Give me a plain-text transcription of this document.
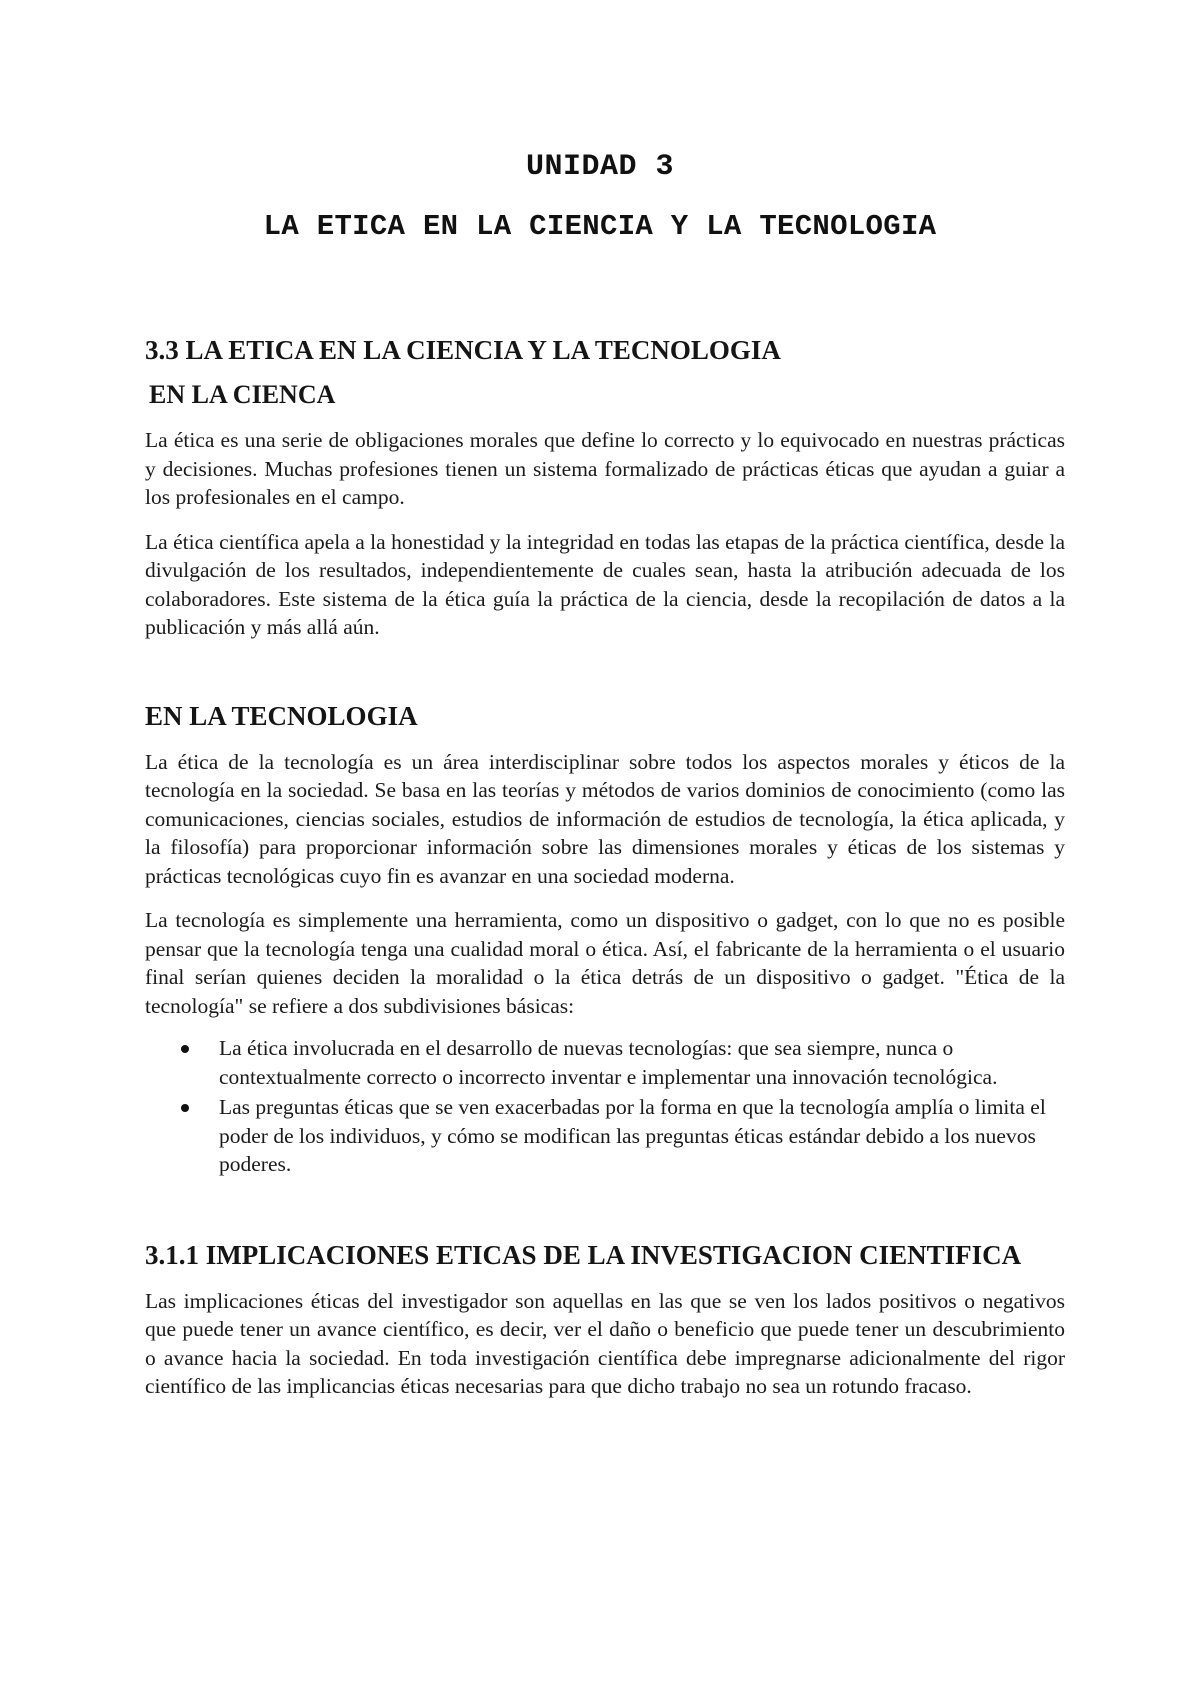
UNIDAD 3
LA ETICA EN LA CIENCIA Y LA TECNOLOGIA
3.3 LA ETICA EN LA CIENCIA Y LA TECNOLOGIA
EN LA CIENCA

La ética es una serie de obligaciones morales que define lo correcto y lo equivocado en nuestras prácticas y decisiones. Muchas profesiones tienen un sistema formalizado de prácticas éticas que ayudan a guiar a los profesionales en el campo.

La ética científica apela a la honestidad y la integridad en todas las etapas de la práctica científica, desde la divulgación de los resultados, independientemente de cuales sean, hasta la atribución adecuada de los colaboradores. Este sistema de la ética guía la práctica de la ciencia, desde la recopilación de datos a la publicación y más allá aún.

EN LA TECNOLOGIA

La ética de la tecnología es un área interdisciplinar sobre todos los aspectos morales y éticos de la tecnología en la sociedad. Se basa en las teorías y métodos de varios dominios de conocimiento (como las comunicaciones, ciencias sociales, estudios de información de estudios de tecnología, la ética aplicada, y la filosofía) para proporcionar información sobre las dimensiones morales y éticas de los sistemas y prácticas tecnológicas cuyo fin es avanzar en una sociedad moderna.

La tecnología es simplemente una herramienta, como un dispositivo o gadget, con lo que no es posible pensar que la tecnología tenga una cualidad moral o ética. Así, el fabricante de la herramienta o el usuario final serían quienes deciden la moralidad o la ética detrás de un dispositivo o gadget. "Ética de la tecnología" se refiere a dos subdivisiones básicas:

La ética involucrada en el desarrollo de nuevas tecnologías: que sea siempre, nunca o contextualmente correcto o incorrecto inventar e implementar una innovación tecnológica.
Las preguntas éticas que se ven exacerbadas por la forma en que la tecnología amplía o limita el poder de los individuos, y cómo se modifican las preguntas éticas estándar debido a los nuevos poderes.
3.1.1 IMPLICACIONES ETICAS DE LA INVESTIGACION CIENTIFICA

Las implicaciones éticas del investigador son aquellas en las que se ven los lados positivos o negativos que puede tener un avance científico, es decir, ver el daño o beneficio que puede tener un descubrimiento o avance hacia la sociedad. En toda investigación científica debe impregnarse adicionalmente del rigor científico de las implicancias éticas necesarias para que dicho trabajo no sea un rotundo fracaso.
